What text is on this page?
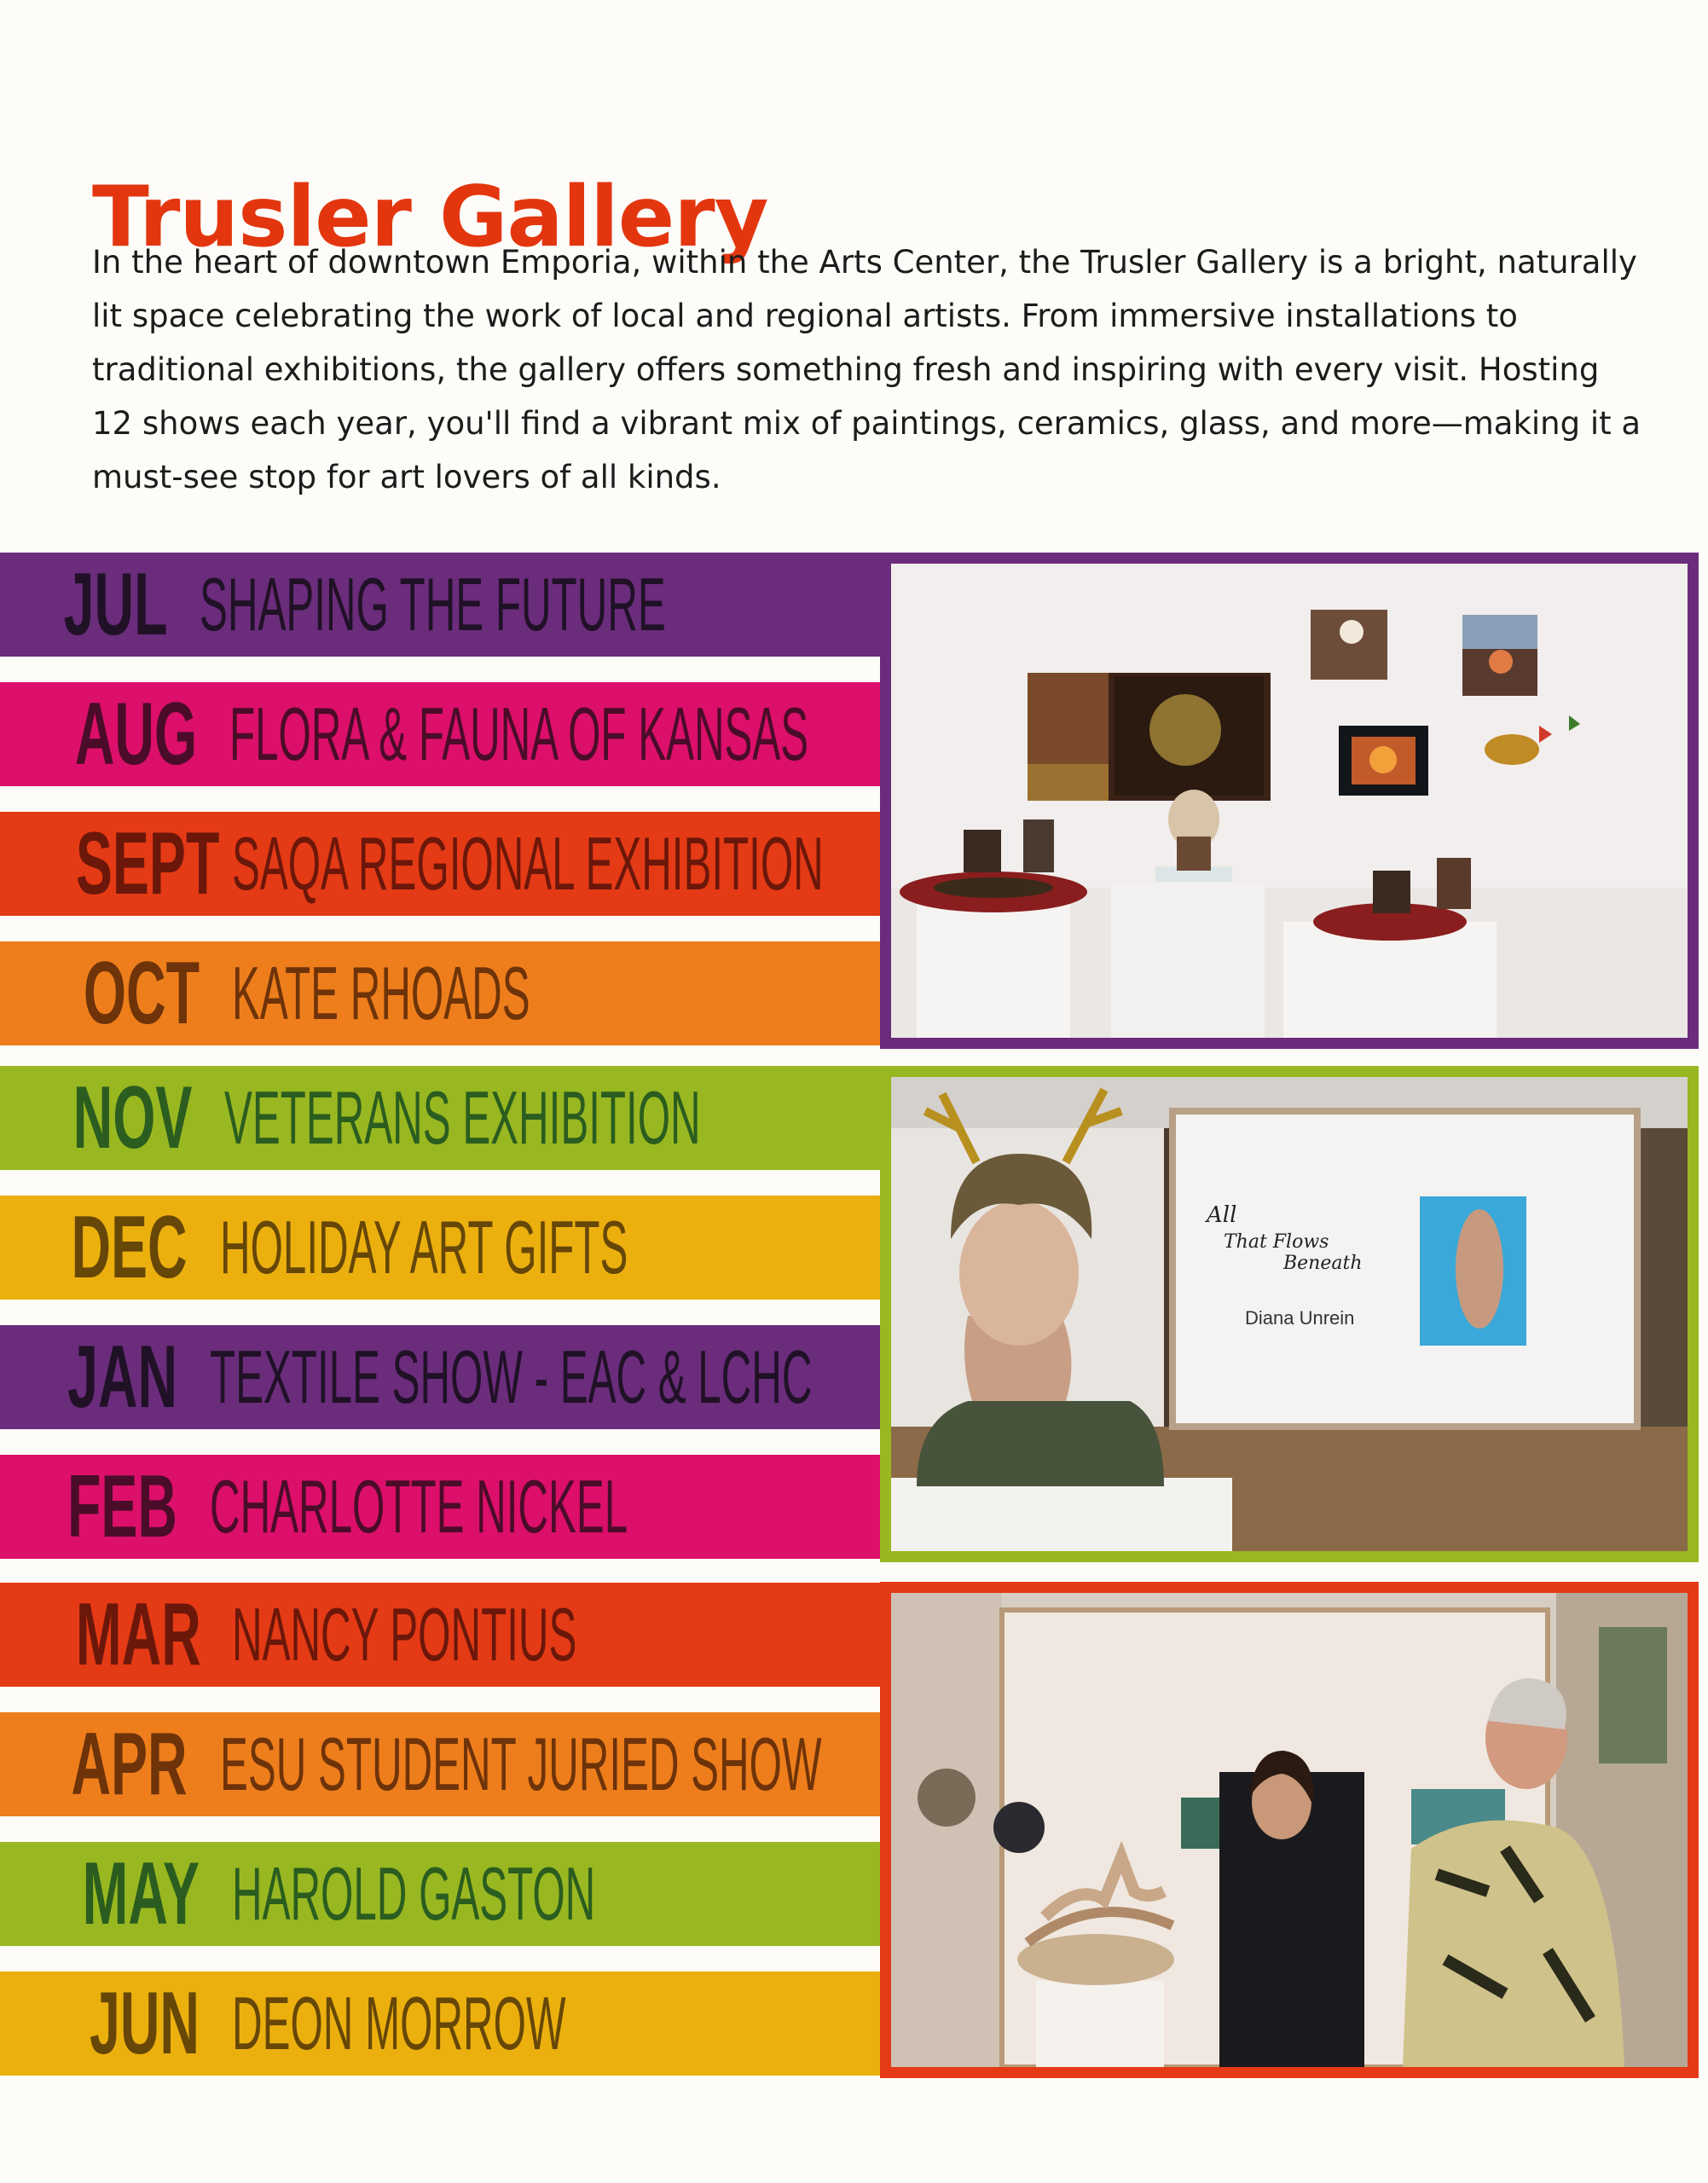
Trusler Gallery

In the heart of downtown Emporia, within the Arts Center, the Trusler Gallery is a bright, naturally lit space celebrating the work of local and regional artists. From immersive installations to traditional exhibitions, the gallery offers something fresh and inspiring with every visit. Hosting 12 shows each year, you'll find a vibrant mix of paintings, ceramics, glass, and more—making it a must-see stop for art lovers of all kinds.

JUL SHAPING THE FUTURE
AUG FLORA & FAUNA OF KANSAS
SEPT SAQA REGIONAL EXHIBITION
OCT KATE RHOADS
NOV VETERANS EXHIBITION
DEC HOLIDAY ART GIFTS
JAN TEXTILE SHOW - EAC & LCHC
FEB CHARLOTTE NICKEL
MAR NANCY PONTIUS
APR ESU STUDENT JURIED SHOW
MAY HAROLD GASTON
JUN DEON MORROW
All
That Flows
Beneath
Diana Unrein
